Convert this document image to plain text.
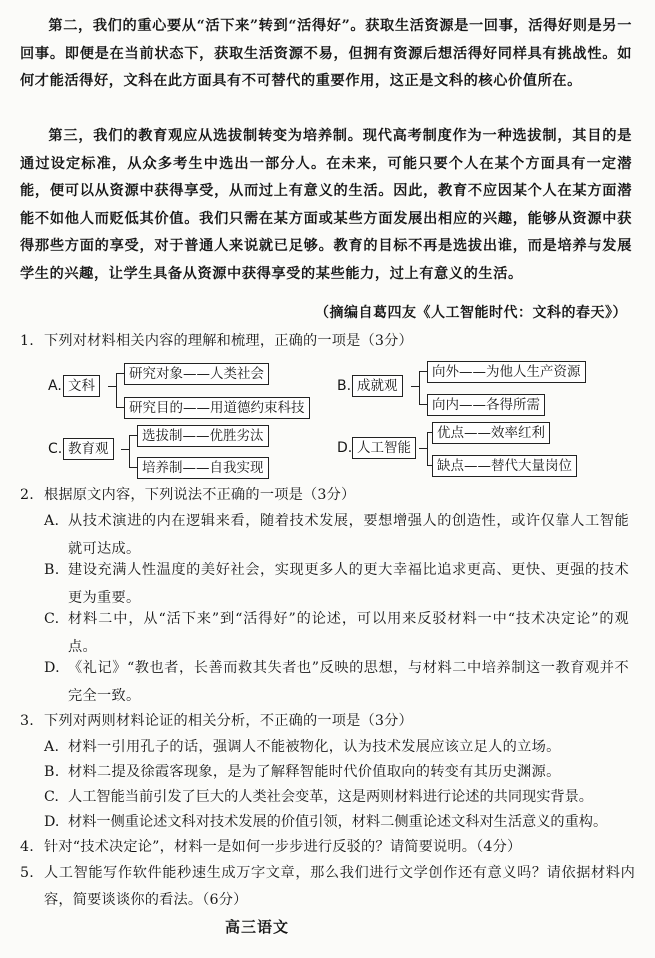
第二，我们的重心要从“活下来”转到“活得好”。获取生活资源是一回事，活得好则是另一回事。即便是在当前状态下，获取生活资源不易，但拥有资源后想活得好同样具有挑战性。如何才能活得好，文科在此方面具有不可替代的重要作用，这正是文科的核心价值所在。

第三，我们的教育观应从选拔制转变为培养制。现代高考制度作为一种选拔制，其目的是通过设定标准，从众多考生中选出一部分人。在未来，可能只要个人在某个方面具有一定潜能，便可以从资源中获得享受，从而过上有意义的生活。因此，教育不应因某个人在某方面潜能不如他人而贬低其价值。我们只需在某方面或某些方面发展出相应的兴趣，能够从资源中获得那些方面的享受，对于普通人来说就已足够。教育的目标不再是选拔出谁，而是培养与发展学生的兴趣，让学生具备从资源中获得享受的某些能力，过上有意义的生活。

（摘编自葛四友《人工智能时代：文科的春天》）
1. 下列对材料相关内容的理解和梳理，正确的一项是（3分）
A. 文科
研究对象——人类社会
研究目的——用道德约束科技
B. 成就观
向外——为他人生产资源
向内——各得所需
C. 教育观
选拔制——优胜劣汰
培养制——自我实现
D. 人工智能
优点——效率红利
缺点——替代大量岗位
2. 根据原文内容，下列说法不正确的一项是（3分）
A. 从技术演进的内在逻辑来看，随着技术发展，要想增强人的创造性，或许仅靠人工智能就可达成。
B. 建设充满人性温度的美好社会，实现更多人的更大幸福比追求更高、更快、更强的技术更为重要。
C. 材料二中，从“活下来”到“活得好”的论述，可以用来反驳材料一中“技术决定论”的观点。
D. 《礼记》“教也者，长善而救其失者也”反映的思想，与材料二中培养制这一教育观并不完全一致。
3. 下列对两则材料论证的相关分析，不正确的一项是（3分）
A. 材料一引用孔子的话，强调人不能被物化，认为技术发展应该立足人的立场。
B. 材料二提及徐霞客现象，是为了解释智能时代价值取向的转变有其历史渊源。
C. 人工智能当前引发了巨大的人类社会变革，这是两则材料进行论述的共同现实背景。
D. 材料一侧重论述文科对技术发展的价值引领，材料二侧重论述文科对生活意义的重构。
4. 针对“技术决定论”，材料一是如何一步步进行反驳的？请简要说明。（4分）
5. 人工智能写作软件能秒速生成万字文章，那么我们进行文学创作还有意义吗？请依据材料内容，简要谈谈你的看法。（6分）
高三语文
